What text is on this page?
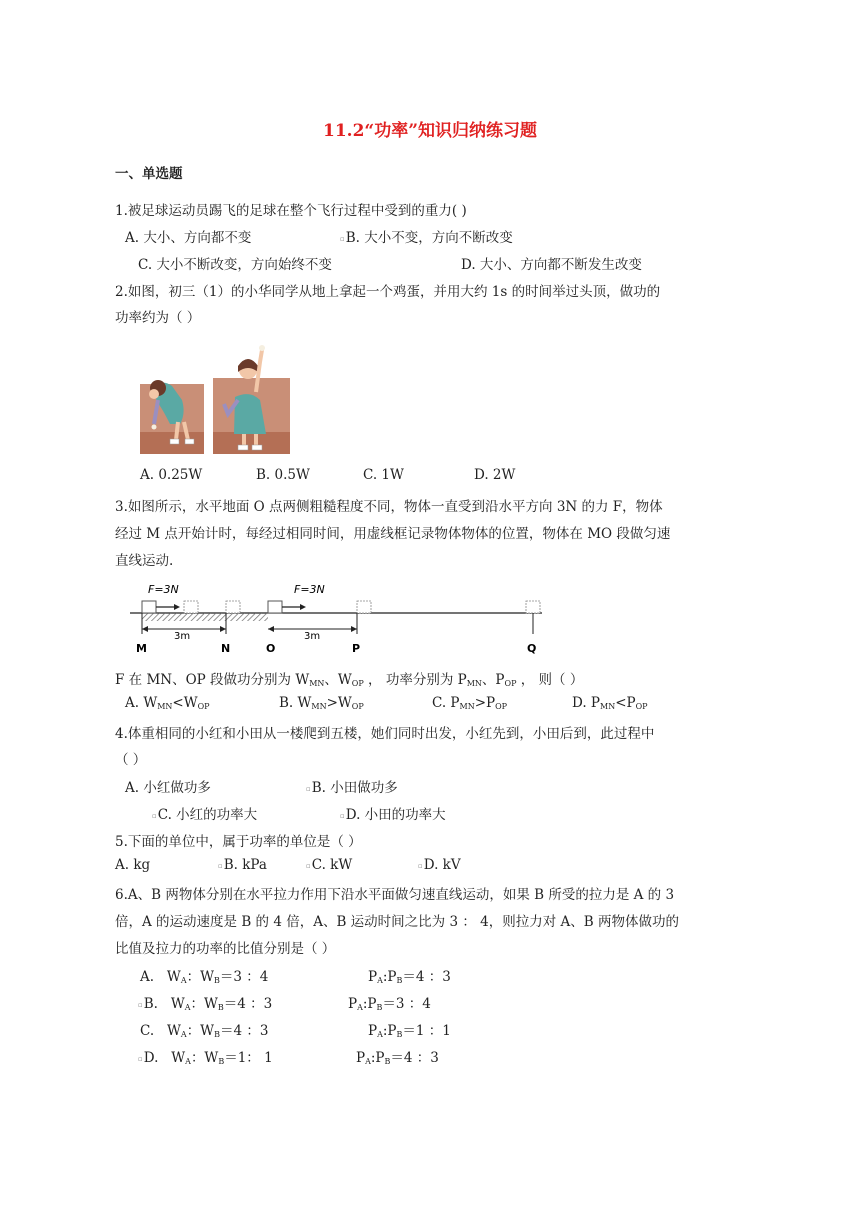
11.2“功率”知识归纳练习题
一、单选题
1.被足球运动员踢飞的足球在整个飞行过程中受到的重力( )
A. 大小、方向都不变	▫B. 大小不变，方向不断改变
C. 大小不断改变，方向始终不变	D. 大小、方向都不断发生改变
2.如图，初三（1）的小华同学从地上拿起一个鸡蛋，并用大约 1s 的时间举过头顶，做功的
功率约为（ ）
A. 0.25W	B. 0.5W	C. 1W	D. 2W
3.如图所示，水平地面 O 点两侧粗糙程度不同，物体一直受到沿水平方向 3N 的力 F，物体
经过 M 点开始计时，每经过相同时间，用虚线框记录物体物体的位置，物体在 MO 段做匀速
直线运动.
F=3N	F=3N
3m	3m
M	N	O	P	Q
F 在 MN、OP 段做功分别为 $W_{MN}$、$W_{OP}$ ， 功率分别为 $P_{MN}$、$P_{OP}$ ， 则（ ）
A. $W_{MN}<W_{OP}$	B. $W_{MN}>W_{OP}$	C. $P_{MN}>P_{OP}$	D. $P_{MN}<P_{OP}$
4.体重相同的小红和小田从一楼爬到五楼，她们同时出发，小红先到，小田后到，此过程中
（ ）
A. 小红做功多	▫B. 小田做功多
▫C. 小红的功率大	▫D. 小田的功率大
5.下面的单位中，属于功率的单位是（ ）
A. kg	▫B. kPa	▫C. kW	▫D. kV
6.A、B 两物体分别在水平拉力作用下沿水平面做匀速直线运动，如果 B 所受的拉力是 A 的 3
倍，A 的运动速度是 B 的 4 倍，A、B 运动时间之比为 3 ： 4，则拉力对 A、B 两物体做功的
比值及拉力的功率的比值分别是（ ）
A. $W_A$：$W_B=3$ ：4	$P_A:P_B=4$ ：3
▫B. $W_A$：$W_B=4$ ：3	$P_A:P_B=3$ ：4
C. $W_A$：$W_B=4$ ：3	$P_A:P_B=1$ ：1
▫D. $W_A$：$W_B=1$： 1	$P_A:P_B=4$ ：3
